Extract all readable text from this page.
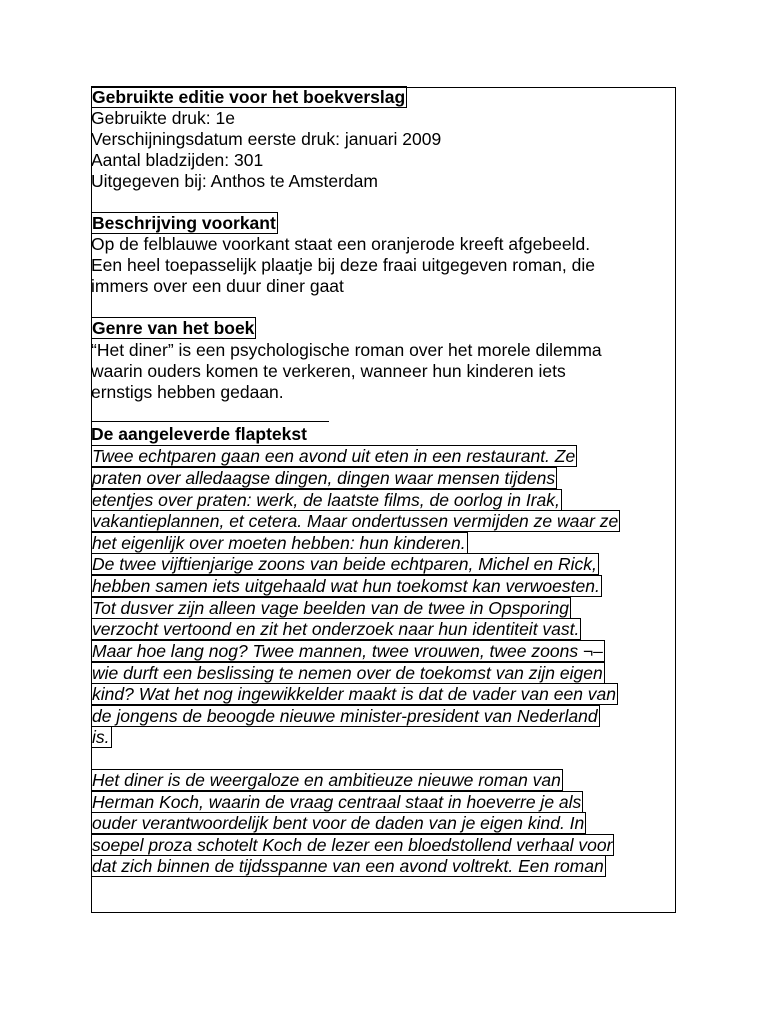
Gebruikte editie voor het boekverslag
Gebruikte druk: 1e
Verschijningsdatum eerste druk: januari 2009
Aantal bladzijden: 301
Uitgegeven bij: Anthos te Amsterdam
Beschrijving voorkant
Op de felblauwe voorkant staat een oranjerode kreeft afgebeeld.
Een heel toepasselijk plaatje bij deze fraai uitgegeven roman, die
immers over een duur diner gaat
Genre van het boek
“Het diner” is een psychologische roman over het morele dilemma
waarin ouders komen te verkeren, wanneer hun kinderen iets
ernstigs hebben gedaan.
De aangeleverde flaptekst
Twee echtparen gaan een avond uit eten in een restaurant. Ze
praten over alledaagse dingen, dingen waar mensen tijdens
etentjes over praten: werk, de laatste films, de oorlog in Irak,
vakantieplannen, et cetera. Maar ondertussen vermijden ze waar ze
het eigenlijk over moeten hebben: hun kinderen.
De twee vijftienjarige zoons van beide echtparen, Michel en Rick,
hebben samen iets uitgehaald wat hun toekomst kan verwoesten.
Tot dusver zijn alleen vage beelden van de twee in Opsporing
verzocht vertoond en zit het onderzoek naar hun identiteit vast.
Maar hoe lang nog? Twee mannen, twee vrouwen, twee zoons ¬–
wie durft een beslissing te nemen over de toekomst van zijn eigen
kind? Wat het nog ingewikkelder maakt is dat de vader van een van
de jongens de beoogde nieuwe minister-president van Nederland
is.
Het diner is de weergaloze en ambitieuze nieuwe roman van
Herman Koch, waarin de vraag centraal staat in hoeverre je als
ouder verantwoordelijk bent voor de daden van je eigen kind. In
soepel proza schotelt Koch de lezer een bloedstollend verhaal voor
dat zich binnen de tijdsspanne van een avond voltrekt. Een roman
